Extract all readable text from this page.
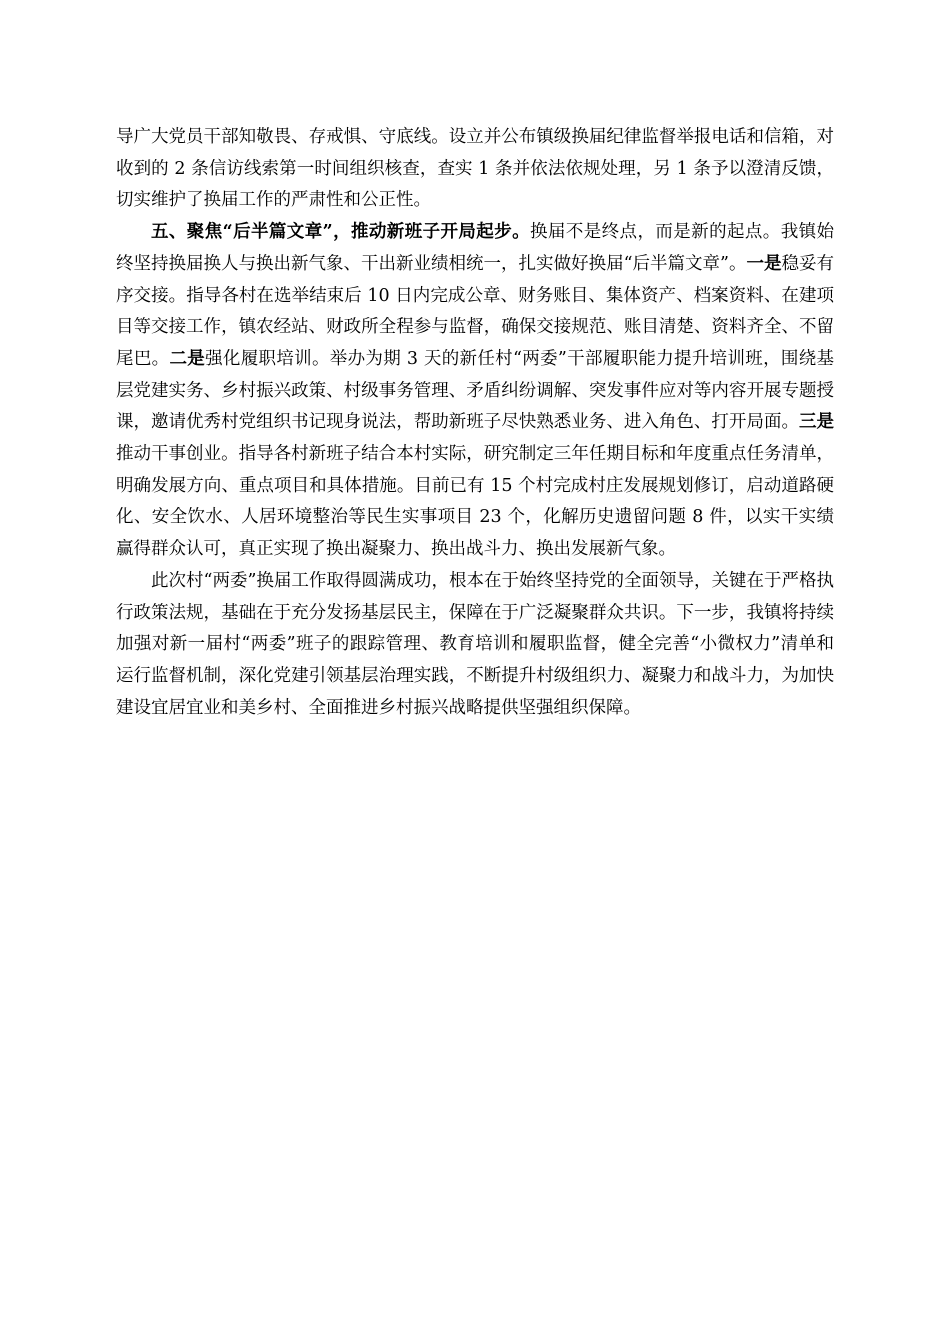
导广大党员干部知敬畏、存戒惧、守底线。设立并公布镇级换届纪律监督举报电话和信箱，对收到的 2 条信访线索第一时间组织核查，查实 1 条并依法依规处理，另 1 条予以澄清反馈，切实维护了换届工作的严肃性和公正性。

五、聚焦“后半篇文章”，推动新班子开局起步。换届不是终点，而是新的起点。我镇始终坚持换届换人与换出新气象、干出新业绩相统一，扎实做好换届“后半篇文章”。一是稳妥有序交接。指导各村在选举结束后 10 日内完成公章、财务账目、集体资产、档案资料、在建项目等交接工作，镇农经站、财政所全程参与监督，确保交接规范、账目清楚、资料齐全、不留尾巴。二是强化履职培训。举办为期 3 天的新任村“两委”干部履职能力提升培训班，围绕基层党建实务、乡村振兴政策、村级事务管理、矛盾纠纷调解、突发事件应对等内容开展专题授课，邀请优秀村党组织书记现身说法，帮助新班子尽快熟悉业务、进入角色、打开局面。三是推动干事创业。指导各村新班子结合本村实际，研究制定三年任期目标和年度重点任务清单，明确发展方向、重点项目和具体措施。目前已有 15 个村完成村庄发展规划修订，启动道路硬化、安全饮水、人居环境整治等民生实事项目 23 个，化解历史遗留问题 8 件，以实干实绩赢得群众认可，真正实现了换出凝聚力、换出战斗力、换出发展新气象。

此次村“两委”换届工作取得圆满成功，根本在于始终坚持党的全面领导，关键在于严格执行政策法规，基础在于充分发扬基层民主，保障在于广泛凝聚群众共识。下一步，我镇将持续加强对新一届村“两委”班子的跟踪管理、教育培训和履职监督，健全完善“小微权力”清单和运行监督机制，深化党建引领基层治理实践，不断提升村级组织力、凝聚力和战斗力，为加快建设宜居宜业和美乡村、全面推进乡村振兴战略提供坚强组织保障。
